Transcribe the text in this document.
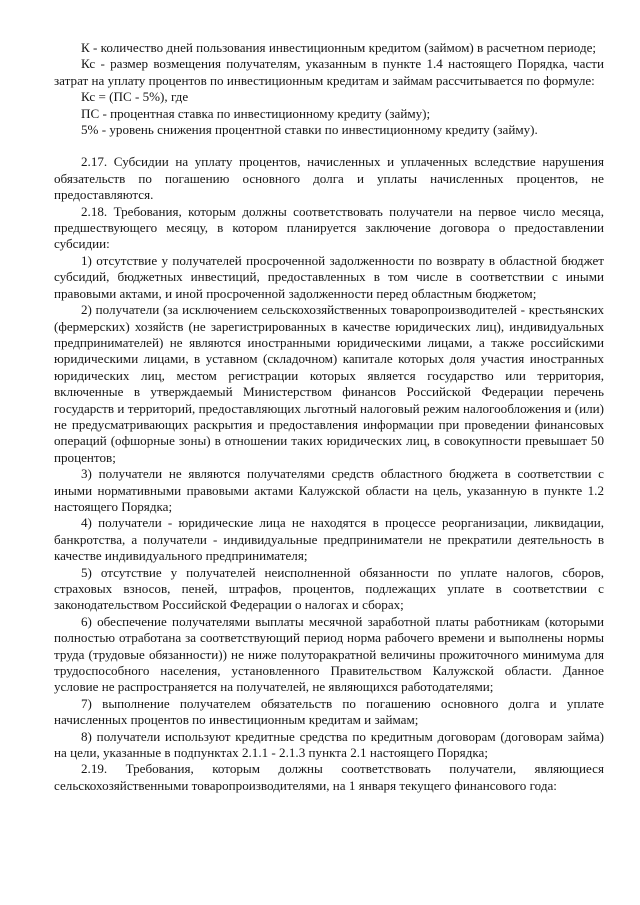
К - количество дней пользования инвестиционным кредитом (займом) в расчетном периоде;

Кс - размер возмещения получателям, указанным в пункте 1.4 настоящего Порядка, части затрат на уплату процентов по инвестиционным кредитам и займам рассчитывается по формуле:

Кс = (ПС - 5%), где

ПС - процентная ставка по инвестиционному кредиту (займу);

5% - уровень снижения процентной ставки по инвестиционному кредиту (займу).

2.17. Субсидии на уплату процентов, начисленных и уплаченных вследствие нарушения обязательств по погашению основного долга и уплаты начисленных процентов, не предоставляются.

2.18. Требования, которым должны соответствовать получатели на первое число месяца, предшествующего месяцу, в котором планируется заключение договора о предоставлении субсидии:

1) отсутствие у получателей просроченной задолженности по возврату в областной бюджет субсидий, бюджетных инвестиций, предоставленных в том числе в соответствии с иными правовыми актами, и иной просроченной задолженности перед областным бюджетом;

2) получатели (за исключением сельскохозяйственных товаропроизводителей - крестьянских (фермерских) хозяйств (не зарегистрированных в качестве юридических лиц), индивидуальных предпринимателей) не являются иностранными юридическими лицами, а также российскими юридическими лицами, в уставном (складочном) капитале которых доля участия иностранных юридических лиц, местом регистрации которых является государство или территория, включенные в утверждаемый Министерством финансов Российской Федерации перечень государств и территорий, предоставляющих льготный налоговый режим налогообложения и (или) не предусматривающих раскрытия и предоставления информации при проведении финансовых операций (офшорные зоны) в отношении таких юридических лиц, в совокупности превышает 50 процентов;

3) получатели не являются получателями средств областного бюджета в соответствии с иными нормативными правовыми актами Калужской области на цель, указанную в пункте 1.2 настоящего Порядка;

4) получатели - юридические лица не находятся в процессе реорганизации, ликвидации, банкротства, а получатели - индивидуальные предприниматели не прекратили деятельность в качестве индивидуального предпринимателя;

5) отсутствие у получателей неисполненной обязанности по уплате налогов, сборов, страховых взносов, пеней, штрафов, процентов, подлежащих уплате в соответствии с законодательством Российской Федерации о налогах и сборах;

6) обеспечение получателями выплаты месячной заработной платы работникам (которыми полностью отработана за соответствующий период норма рабочего времени и выполнены нормы труда (трудовые обязанности)) не ниже полуторакратной величины прожиточного минимума для трудоспособного населения, установленного Правительством Калужской области. Данное условие не распространяется на получателей, не являющихся работодателями;

7) выполнение получателем обязательств по погашению основного долга и уплате начисленных процентов по инвестиционным кредитам и займам;

8) получатели используют кредитные средства по кредитным договорам (договорам займа) на цели, указанные в подпунктах 2.1.1 - 2.1.3 пункта 2.1 настоящего Порядка;

2.19. Требования, которым должны соответствовать получатели, являющиеся сельскохозяйственными товаропроизводителями, на 1 января текущего финансового года:
